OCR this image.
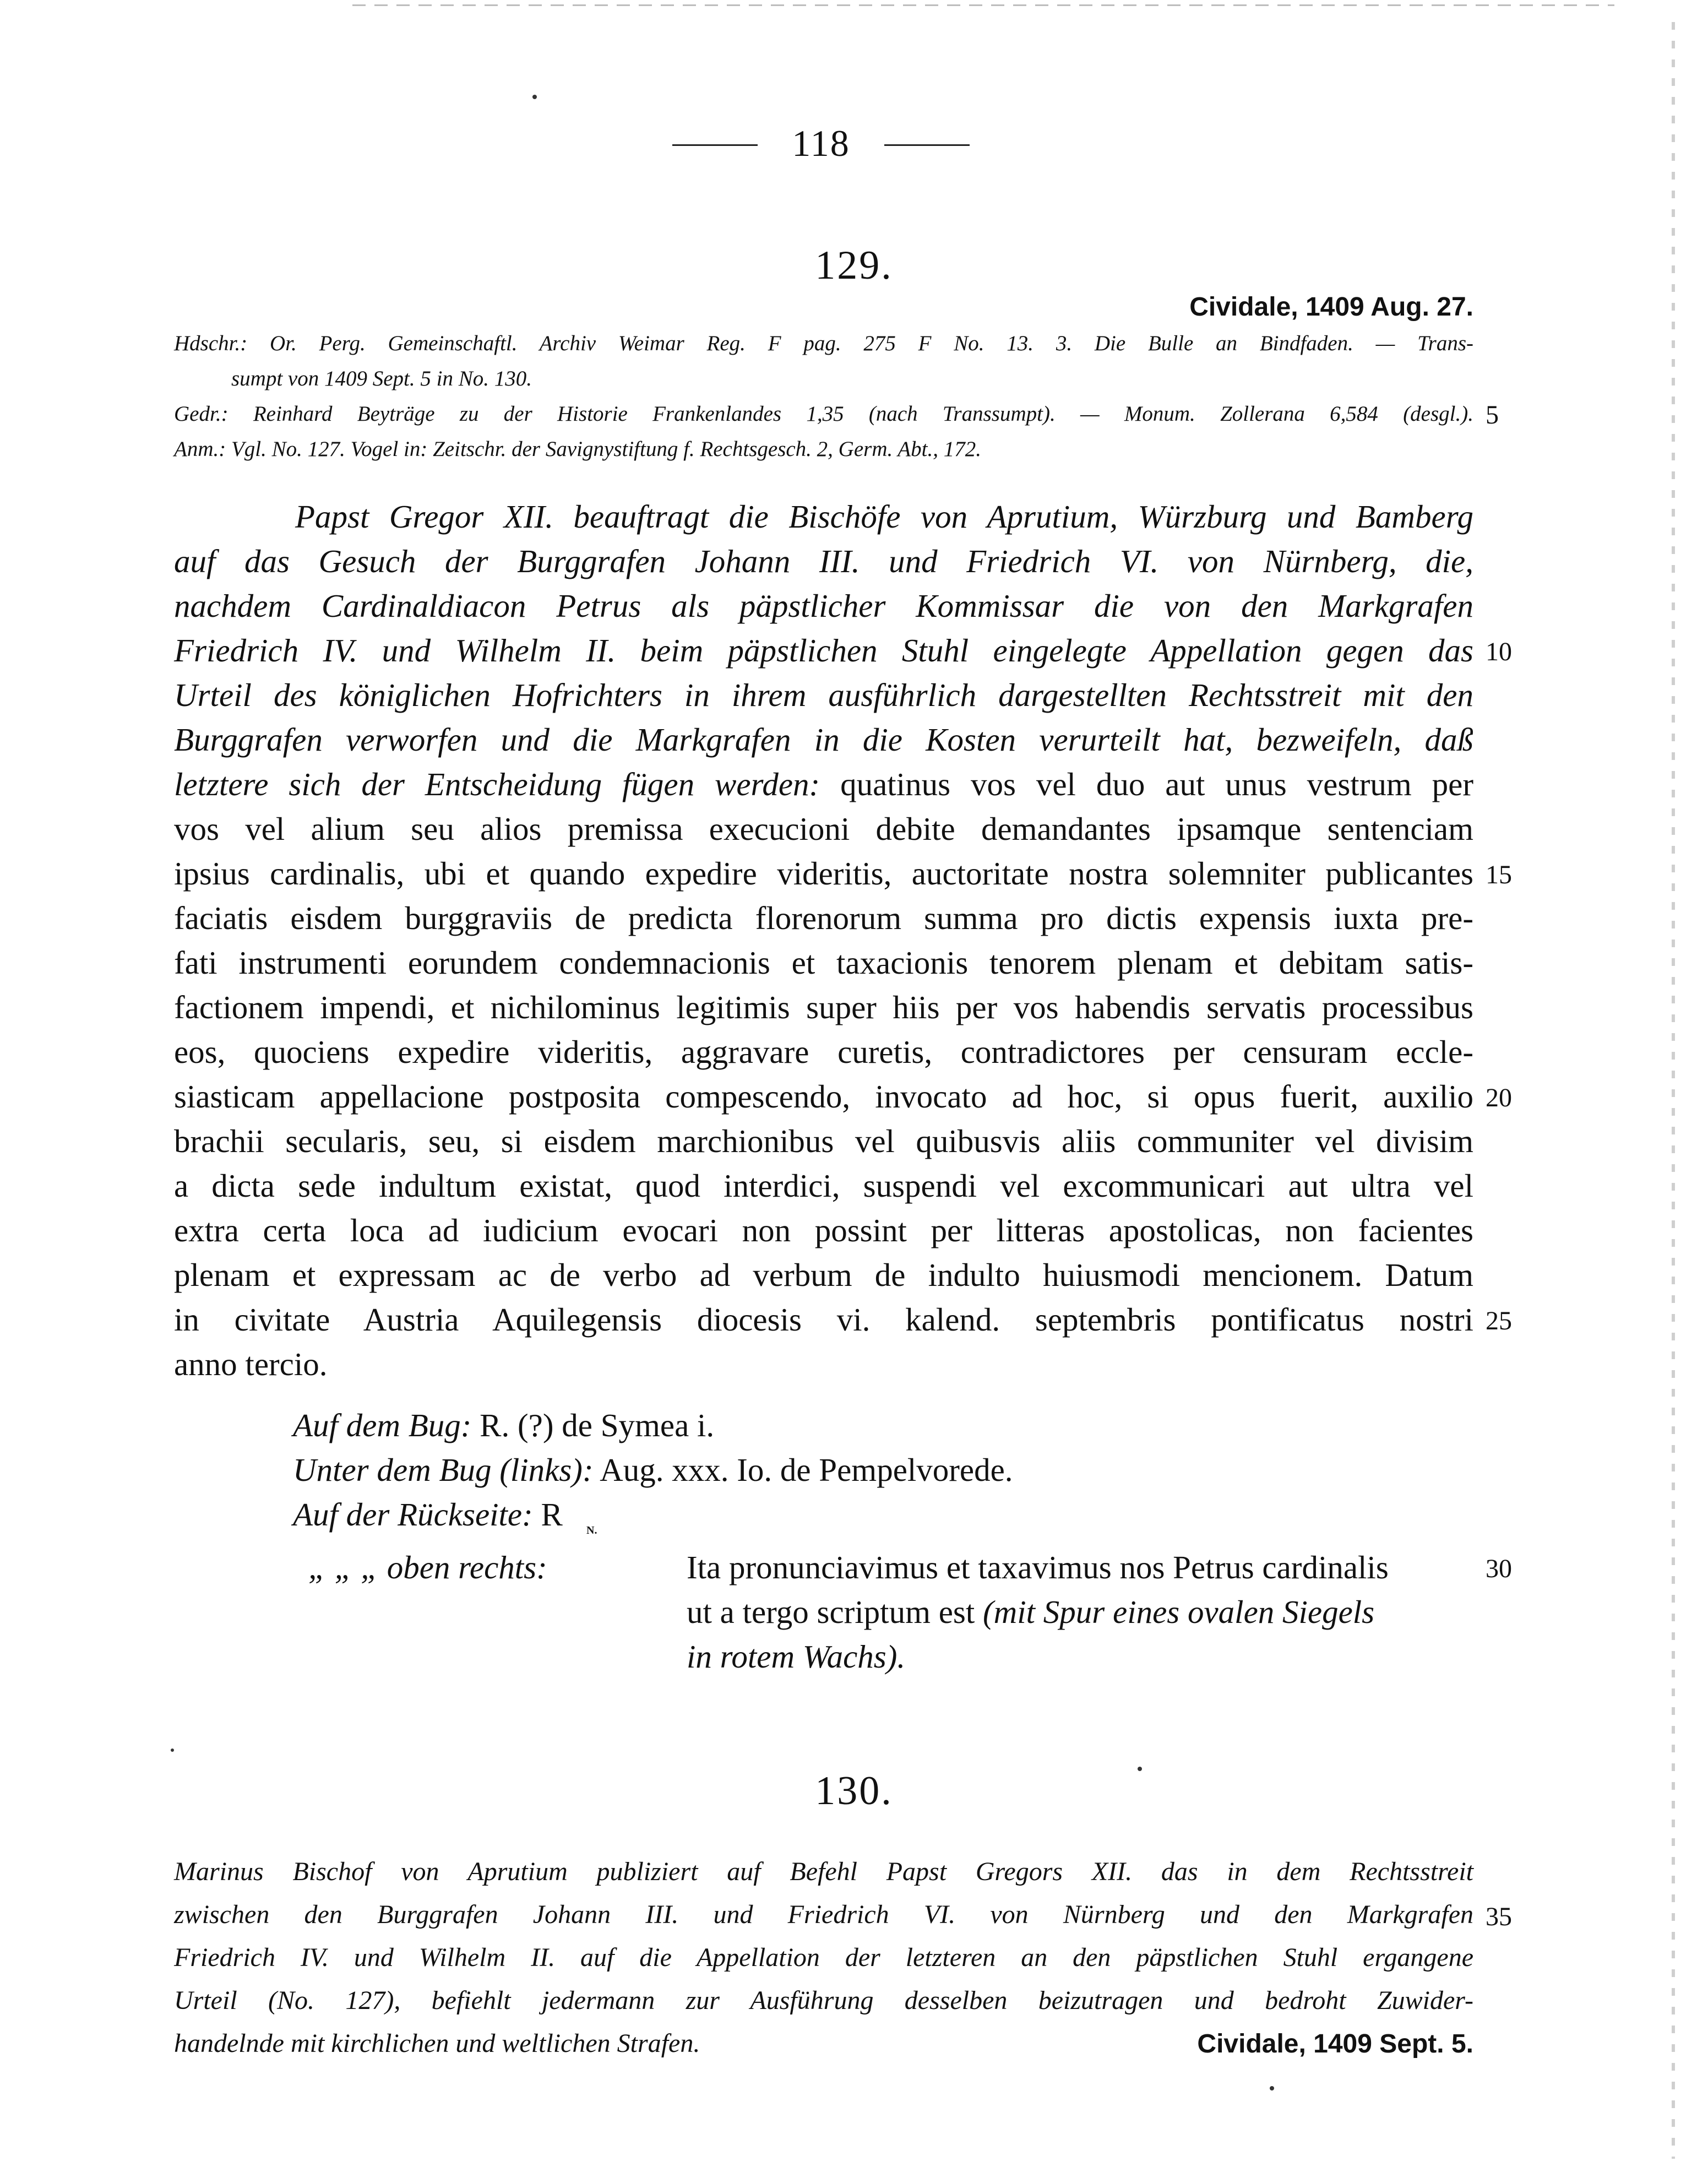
118
129.
Cividale, 1409 Aug. 27.
Hdschr.: Or. Perg. Gemeinschaftl. Archiv Weimar Reg. F pag. 275 F No. 13. 3. Die Bulle an Bindfaden. — Trans-
sumpt von 1409 Sept. 5 in No. 130.
Gedr.: Reinhard Beyträge zu der Historie Frankenlandes 1,35 (nach Transsumpt). — Monum. Zollerana 6,584 (desgl.).
Anm.: Vgl. No. 127. Vogel in: Zeitschr. der Savignystiftung f. Rechtsgesch. 2, Germ. Abt., 172.
Papst Gregor XII. beauftragt die Bischöfe von Aprutium, Würzburg und Bamberg
auf das Gesuch der Burggrafen Johann III. und Friedrich VI. von Nürnberg, die,
nachdem Cardinaldiacon Petrus als päpstlicher Kommissar die von den Markgrafen
Friedrich IV. und Wilhelm II. beim päpstlichen Stuhl eingelegte Appellation gegen das
Urteil des königlichen Hofrichters in ihrem ausführlich dargestellten Rechtsstreit mit den
Burggrafen verworfen und die Markgrafen in die Kosten verurteilt hat, bezweifeln, daß
letztere sich der Entscheidung fügen werden: quatinus vos vel duo aut unus vestrum per
vos vel alium seu alios premissa execucioni debite demandantes ipsamque sentenciam
ipsius cardinalis, ubi et quando expedire videritis, auctoritate nostra solemniter publicantes
faciatis eisdem burggraviis de predicta florenorum summa pro dictis expensis iuxta pre-
fati instrumenti eorundem condemnacionis et taxacionis tenorem plenam et debitam satis-
factionem impendi, et nichilominus legitimis super hiis per vos habendis servatis processibus
eos, quociens expedire videritis, aggravare curetis, contradictores per censuram eccle-
siasticam appellacione postposita compescendo, invocato ad hoc, si opus fuerit, auxilio
brachii secularis, seu, si eisdem marchionibus vel quibusvis aliis communiter vel divisim
a dicta sede indultum existat, quod interdici, suspendi vel excommunicari aut ultra vel
extra certa loca ad iudicium evocari non possint per litteras apostolicas, non facientes
plenam et expressam ac de verbo ad verbum de indulto huiusmodi mencionem. Datum
in civitate Austria Aquilegensis diocesis vi. kalend. septembris pontificatus nostri
anno tercio.
Auf dem Bug: R. (?) de Symea i.
Unter dem Bug (links): Aug. xxx. Io. de Pempelvorede.
Auf der Rückseite: R N.
„ „ „ oben rechts:	Ita pronunciavimus et taxavimus nos Petrus cardinalis
ut a tergo scriptum est (mit Spur eines ovalen Siegels
in rotem Wachs).
130.
Marinus Bischof von Aprutium publiziert auf Befehl Papst Gregors XII. das in dem Rechtsstreit
zwischen den Burggrafen Johann III. und Friedrich VI. von Nürnberg und den Markgrafen
Friedrich IV. und Wilhelm II. auf die Appellation der letzteren an den päpstlichen Stuhl ergangene
Urteil (No. 127), befiehlt jedermann zur Ausführung desselben beizutragen und bedroht Zuwider-
handelnde mit kirchlichen und weltlichen Strafen.	Cividale, 1409 Sept. 5.
5
10
15
20
25
30
35
